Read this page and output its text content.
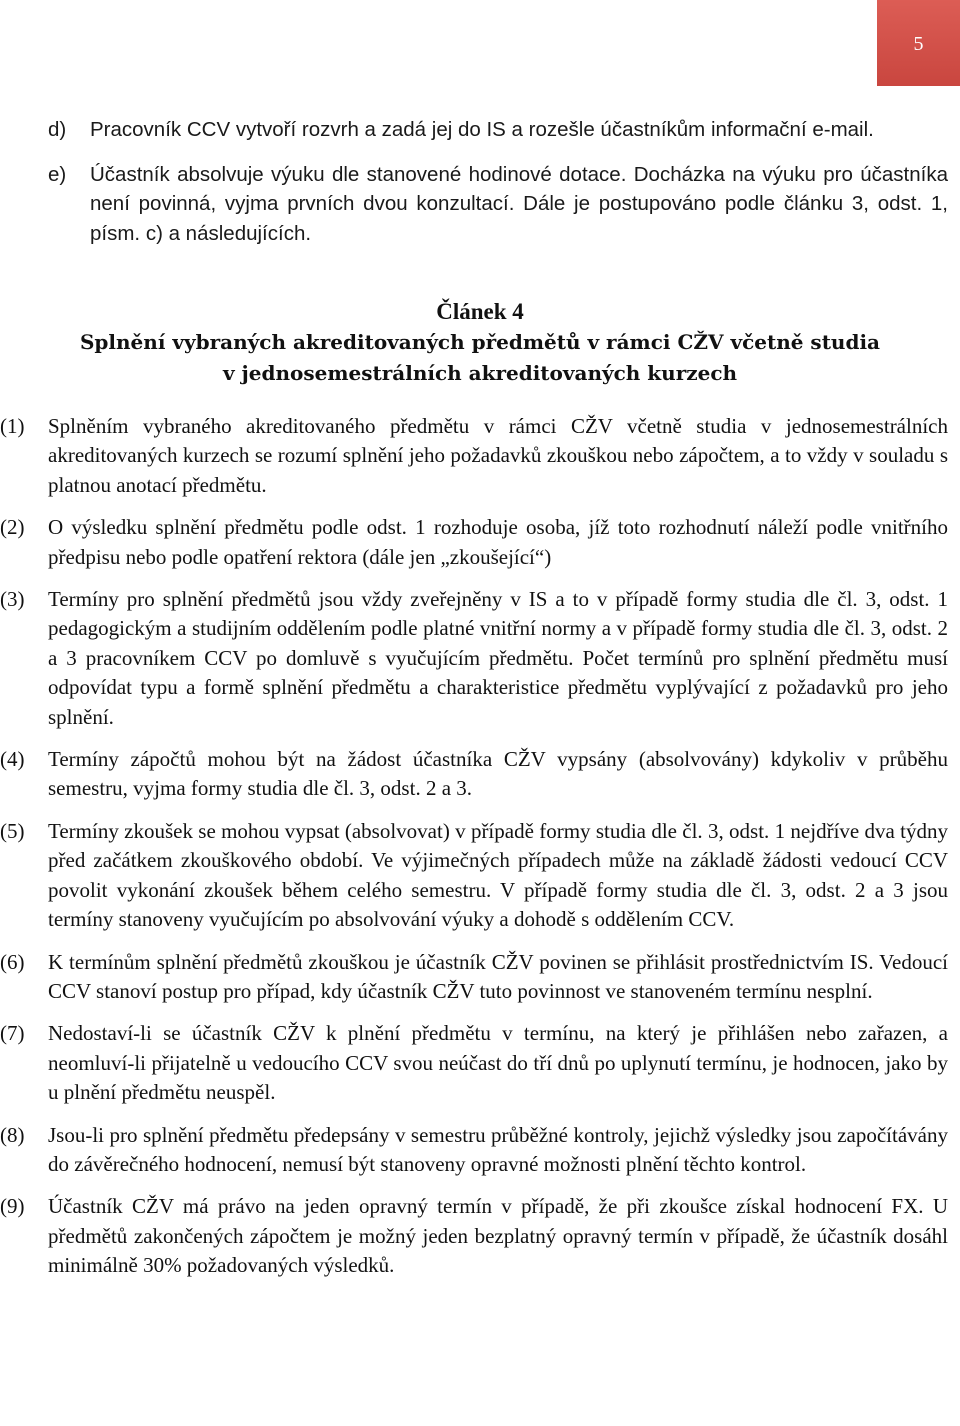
5
d)	Pracovník CCV vytvoří rozvrh a zadá jej do IS a rozešle účastníkům informační e-mail.
e)	Účastník absolvuje výuku dle stanovené hodinové dotace. Docházka na výuku pro účastníka není povinná, vyjma prvních dvou konzultací. Dále je postupováno podle článku 3, odst. 1, písm. c) a následujících.
Článek 4
Splnění vybraných akreditovaných předmětů v rámci CŽV včetně studia
v jednosemestrálních akreditovaných kurzech
(1)	Splněním vybraného akreditovaného předmětu v rámci CŽV včetně studia v jednosemestrálních akreditovaných kurzech se rozumí splnění jeho požadavků zkouškou nebo zápočtem, a to vždy v souladu s platnou anotací předmětu.
(2)	O výsledku splnění předmětu podle odst. 1 rozhoduje osoba, jíž toto rozhodnutí náleží podle vnitřního předpisu nebo podle opatření rektora (dále jen „zkoušející“)
(3)	Termíny pro splnění předmětů jsou vždy zveřejněny v IS a to v případě formy studia dle čl. 3, odst. 1 pedagogickým a studijním oddělením podle platné vnitřní normy a v případě formy studia dle čl. 3, odst. 2 a 3 pracovníkem CCV po domluvě s vyučujícím předmětu. Počet termínů pro splnění předmětu musí odpovídat typu a formě splnění předmětu a charakteristice předmětu vyplývající z požadavků pro jeho splnění.
(4)	Termíny zápočtů mohou být na žádost účastníka CŽV vypsány (absolvovány) kdykoliv v průběhu semestru, vyjma formy studia dle čl. 3, odst. 2 a 3.
(5)	Termíny zkoušek se mohou vypsat (absolvovat) v případě formy studia dle čl. 3, odst. 1 nejdříve dva týdny před začátkem zkouškového období. Ve výjimečných případech může na základě žádosti vedoucí CCV povolit vykonání zkoušek během celého semestru. V případě formy studia dle čl. 3, odst. 2 a 3 jsou termíny stanoveny vyučujícím po absolvování výuky a dohodě s oddělením CCV.
(6)	K termínům splnění předmětů zkouškou je účastník CŽV povinen se přihlásit prostřednictvím IS. Vedoucí CCV stanoví postup pro případ, kdy účastník CŽV tuto povinnost ve stanoveném termínu nesplní.
(7)	Nedostaví-li se účastník CŽV k plnění předmětu v termínu, na který je přihlášen nebo zařazen, a neomluví-li přijatelně u vedoucího CCV svou neúčast do tří dnů po uplynutí termínu, je hodnocen, jako by u plnění předmětu neuspěl.
(8)	Jsou-li pro splnění předmětu předepsány v semestru průběžné kontroly, jejichž výsledky jsou započítávány do závěrečného hodnocení, nemusí být stanoveny opravné možnosti plnění těchto kontrol.
(9)	Účastník CŽV má právo na jeden opravný termín v případě, že při zkoušce získal hodnocení FX. U předmětů zakončených zápočtem je možný jeden bezplatný opravný termín v případě, že účastník dosáhl minimálně 30% požadovaných výsledků.
